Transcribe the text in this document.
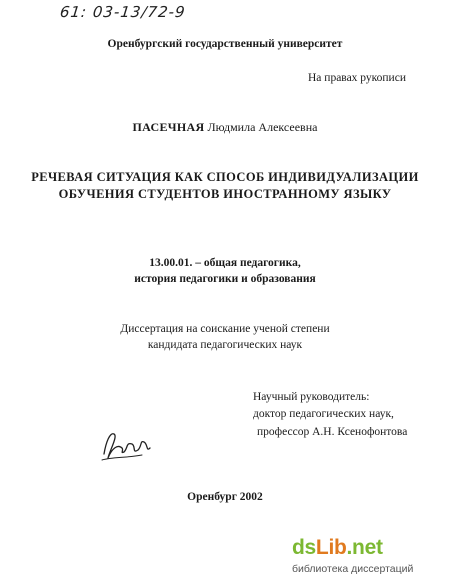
61: 03-13/72-9
Оренбургский государственный университет
На правах рукописи
ПАСЕЧНАЯ Людмила Алексеевна
РЕЧЕВАЯ СИТУАЦИЯ КАК СПОСОБ ИНДИВИДУАЛИЗАЦИИ
ОБУЧЕНИЯ СТУДЕНТОВ ИНОСТРАННОМУ ЯЗЫКУ
13.00.01. – общая педагогика,
история педагогики и образования
Диссертация на соискание ученой степени
кандидата педагогических наук
Научный руководитель:
доктор педагогических наук,
профессор А.Н. Ксенофонтова
Оренбург 2002
dsLib.net
библиотека диссертаций
